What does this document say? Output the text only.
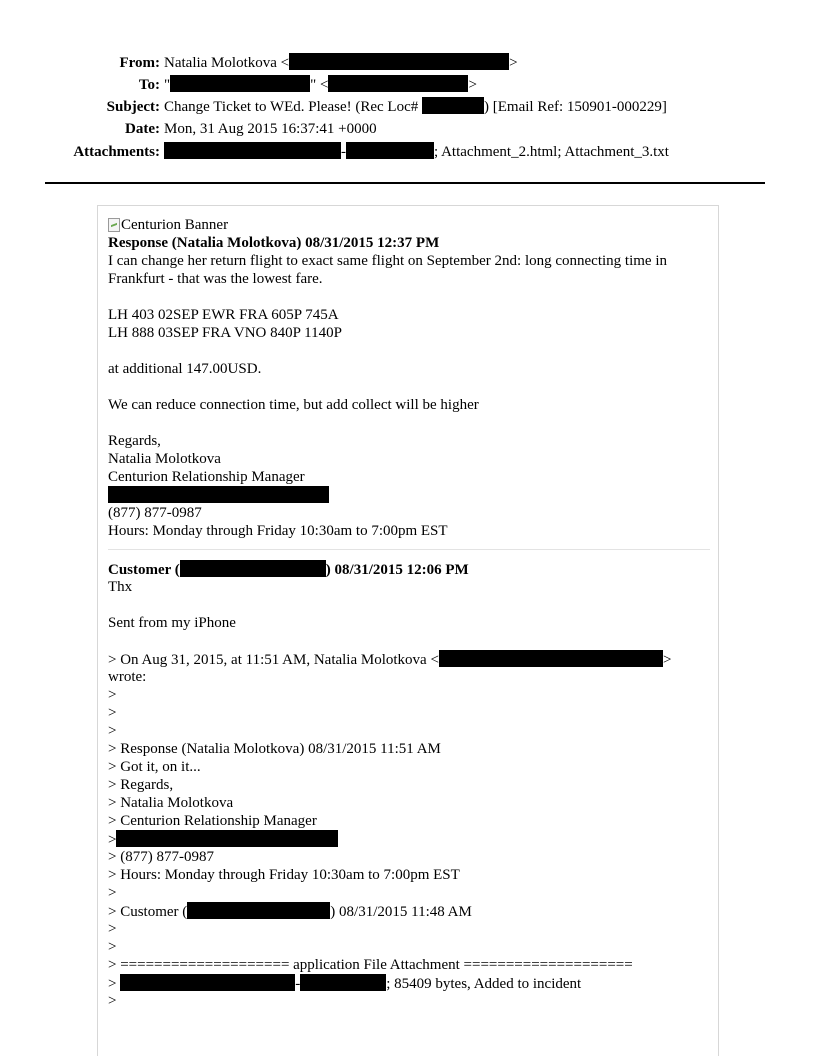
From: Natalia Molotkova <	>
To: "	" <	>
Subject: Change Ticket to WEd. Please! (Rec Loc#	) [Email Ref: 150901-000229]
Date: Mon, 31 Aug 2015 16:37:41 +0000
Attachments:	-	; Attachment_2.html; Attachment_3.txt
Centurion Banner
Response (Natalia Molotkova) 08/31/2015 12:37 PM
I can change her return flight to exact same flight on September 2nd: long connecting time in Frankfurt - that was the lowest fare.
LH 403 02SEP EWR FRA 605P 745A
LH 888 03SEP FRA VNO 840P 1140P
at additional 147.00USD.
We can reduce connection time, but add collect will be higher
Regards,
Natalia Molotkova
Centurion Relationship Manager
(877) 877-0987
Hours: Monday through Friday 10:30am to 7:00pm EST
Customer (	) 08/31/2015 12:06 PM
Thx
Sent from my iPhone
> On Aug 31, 2015, at 11:51 AM, Natalia Molotkova <	>
wrote:
>
>
>
> Response (Natalia Molotkova) 08/31/2015 11:51 AM
> Got it, on it...
> Regards,
> Natalia Molotkova
> Centurion Relationship Manager
>
> (877) 877-0987
> Hours: Monday through Friday 10:30am to 7:00pm EST
>
> Customer (	) 08/31/2015 11:48 AM
>
>
> ==================== application File Attachment ====================
>	-	; 85409 bytes, Added to incident
>
